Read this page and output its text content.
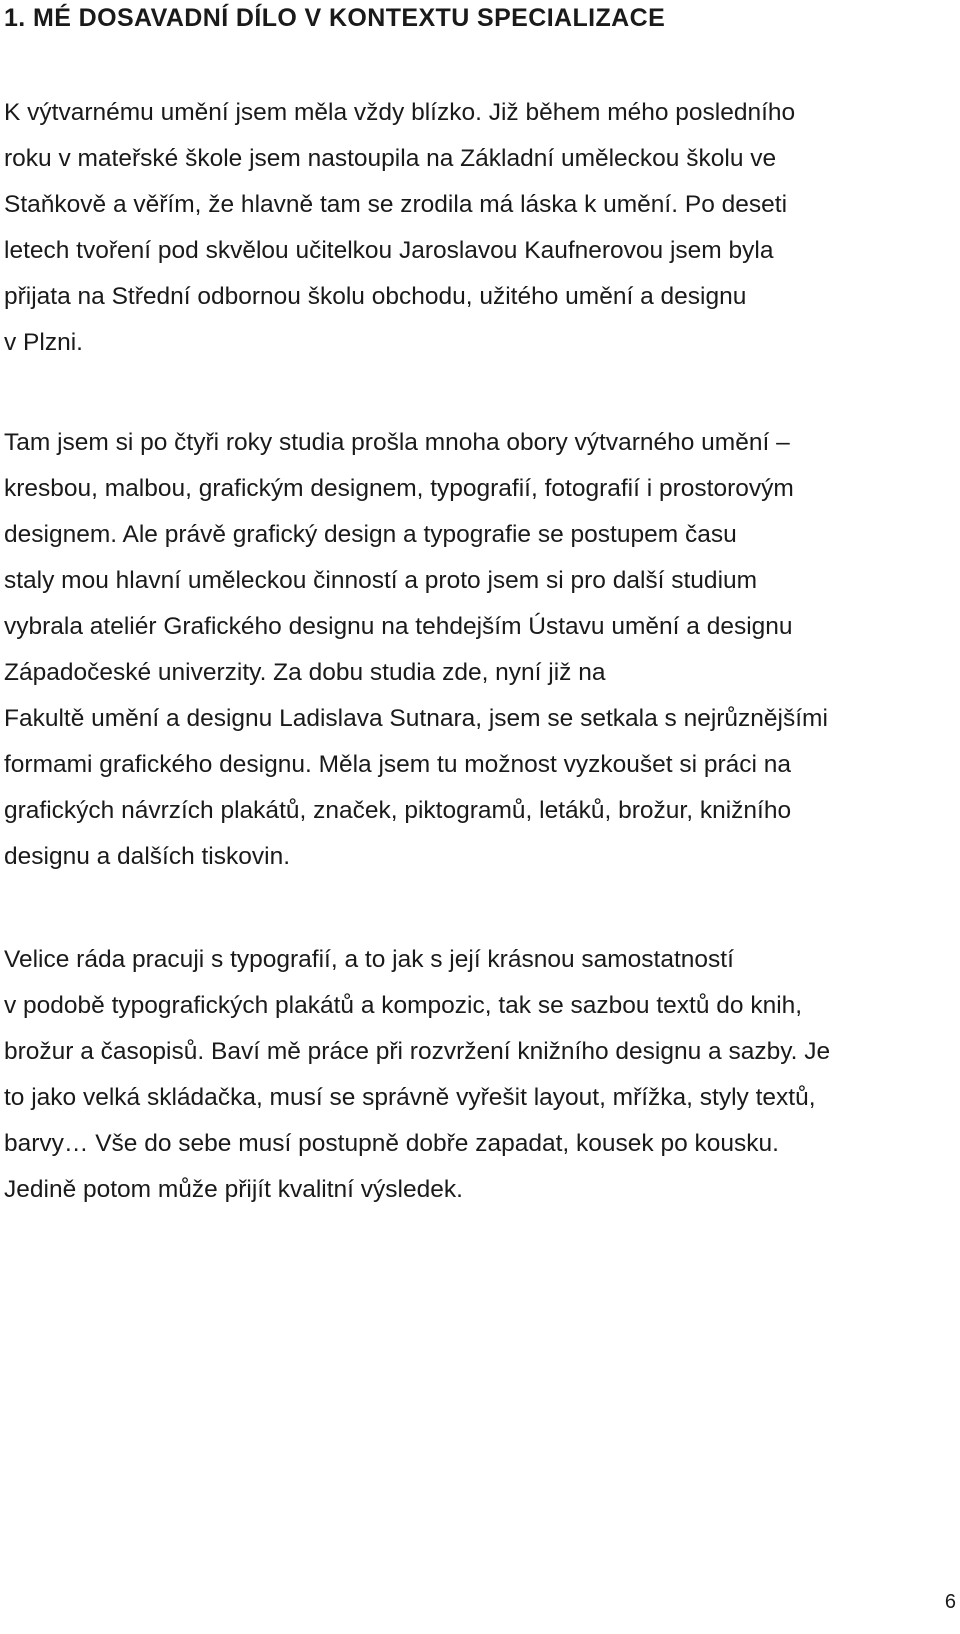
1. MÉ DOSAVADNÍ DÍLO V KONTEXTU SPECIALIZACE
K výtvarnému umění jsem měla vždy blízko. Již během mého posledního
roku v mateřské škole jsem nastoupila na Základní uměleckou školu ve
Staňkově a věřím, že hlavně tam se zrodila má láska k umění. Po deseti
letech tvoření pod skvělou učitelkou Jaroslavou Kaufnerovou jsem byla
přijata na Střední odbornou školu obchodu, užitého umění a designu
v Plzni.
Tam jsem si po čtyři roky studia prošla mnoha obory výtvarného umění –
kresbou, malbou, grafickým designem, typografií, fotografií i prostorovým
designem. Ale právě grafický design a typografie se postupem času
staly mou hlavní uměleckou činností a proto jsem si pro další studium
vybrala ateliér Grafického designu na tehdejším Ústavu umění a designu
Západočeské univerzity. Za dobu studia zde, nyní již na
Fakultě umění a designu Ladislava Sutnara, jsem se setkala s nejrůznějšími
formami grafického designu. Měla jsem tu možnost vyzkoušet si práci na
grafických návrzích plakátů, značek, piktogramů, letáků, brožur, knižního
designu a dalších tiskovin.
Velice ráda pracuji s typografií, a to jak s její krásnou samostatností
v podobě typografických plakátů a kompozic, tak se sazbou textů do knih,
brožur a časopisů. Baví mě práce při rozvržení knižního designu a sazby. Je
to jako velká skládačka, musí se správně vyřešit layout, mřížka, styly textů,
barvy… Vše do sebe musí postupně dobře zapadat, kousek po kousku.
Jedině potom může přijít kvalitní výsledek.
6
